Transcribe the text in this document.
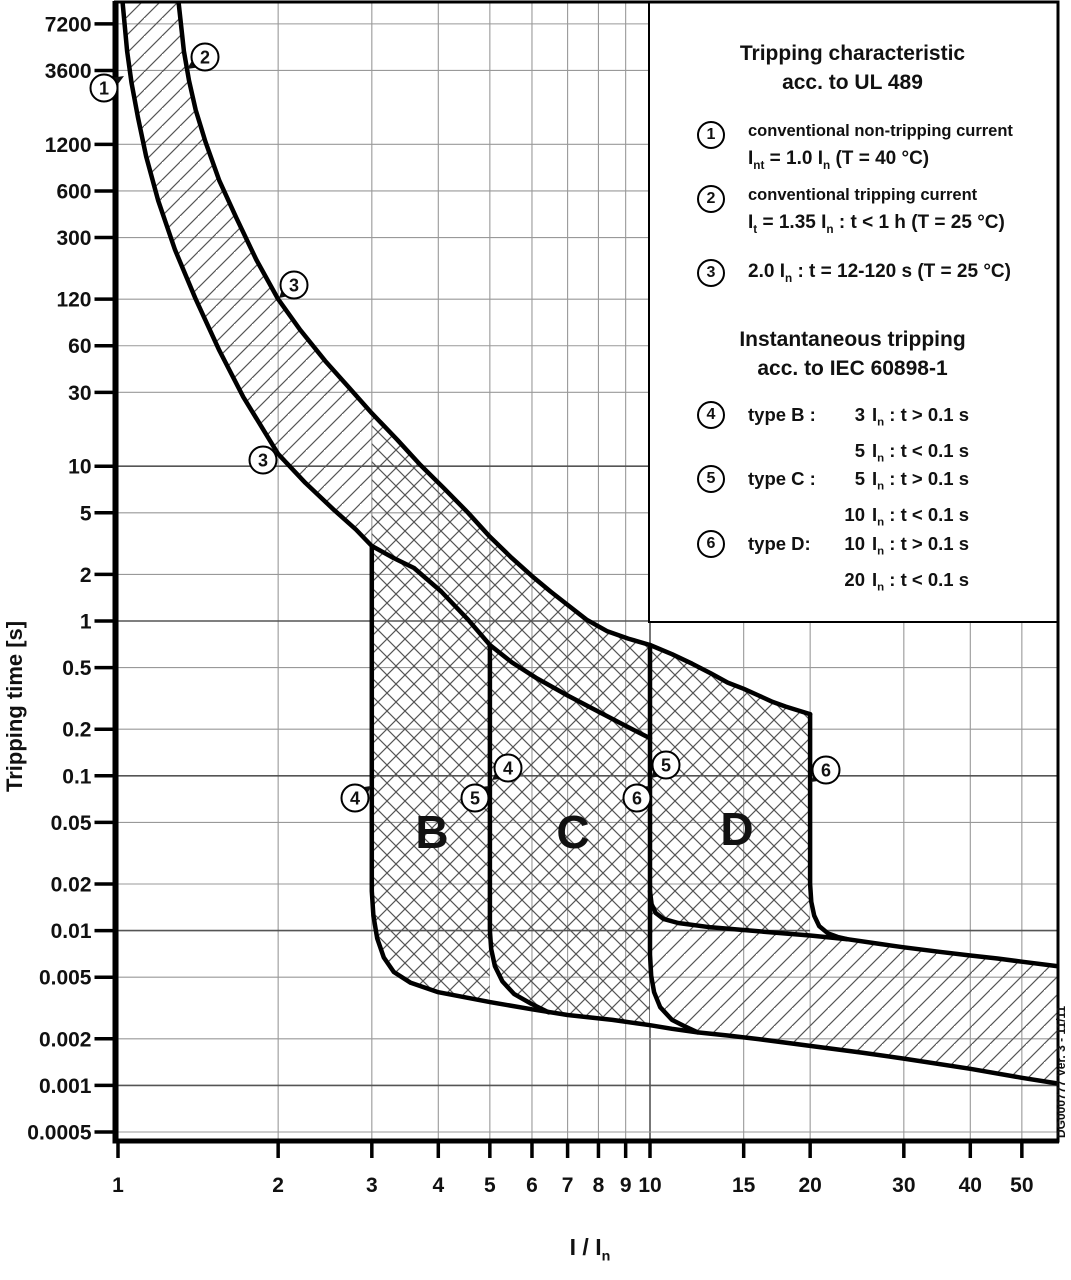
7200
3600
1200
600
300
120
60
30
10
5
2
1
0.5
0.2
0.1
0.05
0.02
0.01
0.005
0.002
0.001
0.0005
1	2	3	4 5 6 7 8 9 10	15 20	30 40 50
B C	D
1
2
3
3
4
4
5
5
6
6
Tripping characteristic
acc. to UL 489
1	conventional non-tripping current
$I_{nt} = 1.0$ $I_n$ (T = 40 °C)
2	conventional tripping current
$I_t = 1.35$ $I_n$ : t < 1 h (T = 25 °C)
3	2.0 $I_n$ : t = 12-120 s (T = 25 °C)
Instantaneous tripping
acc. to IEC 60898-1
4	type B :	3 $I_n$ : t > 0.1 s
5 $I_n$ : t < 0.1 s
5	type C :	5 $I_n$ : t > 0.1 s
10 $I_n$ : t < 0.1 s
6	type D:	10 $I_n$ : t > 0.1 s
20 $I_n$ : t < 0.1 s
Tripping time [s]
I / $I_n$
DG000777 Ver. 3 - 11/11
